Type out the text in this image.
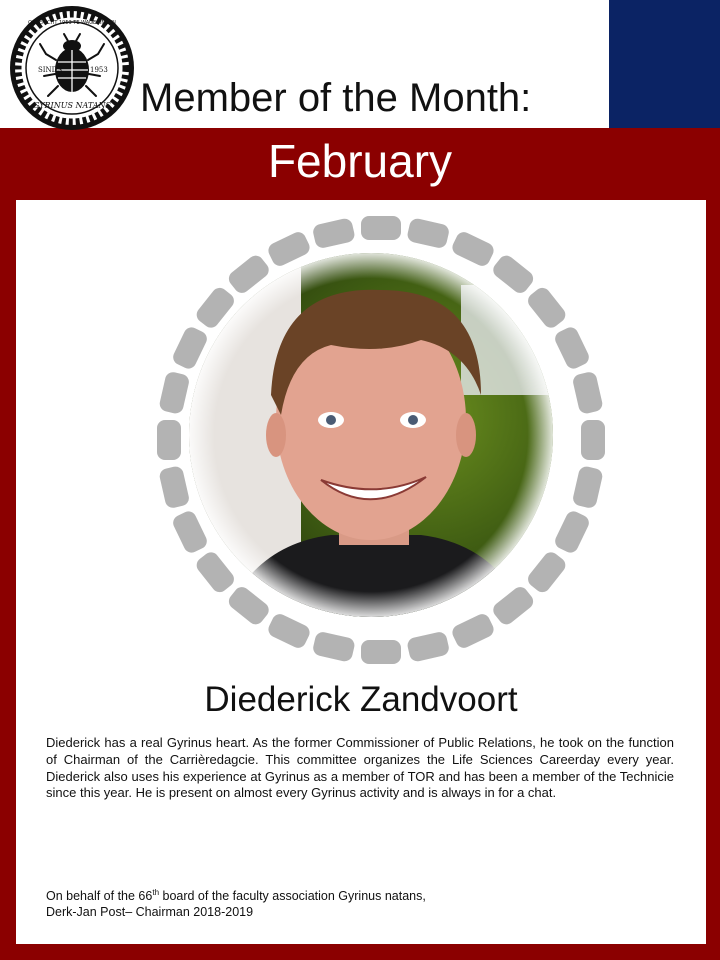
SINDS	1953
GYRINUS NATANS
OPGERICHT 1953 TE WAGENINGEN
Member of the Month:
February
Diederick Zandvoort

Diederick has a real Gyrinus heart. As the former Commissioner of Public Relations, he took on the function of Chairman of the Carrièredagcie. This committee organizes the Life Sciences Careerday every year. Diederick also uses his experience at Gyrinus as a member of TOR and has been a member of the Technicie since this year. He is present on almost every Gyrinus activity and is always in for a chat.

On behalf of the 66th board of the faculty association Gyrinus natans,
Derk-Jan Post– Chairman 2018-2019
